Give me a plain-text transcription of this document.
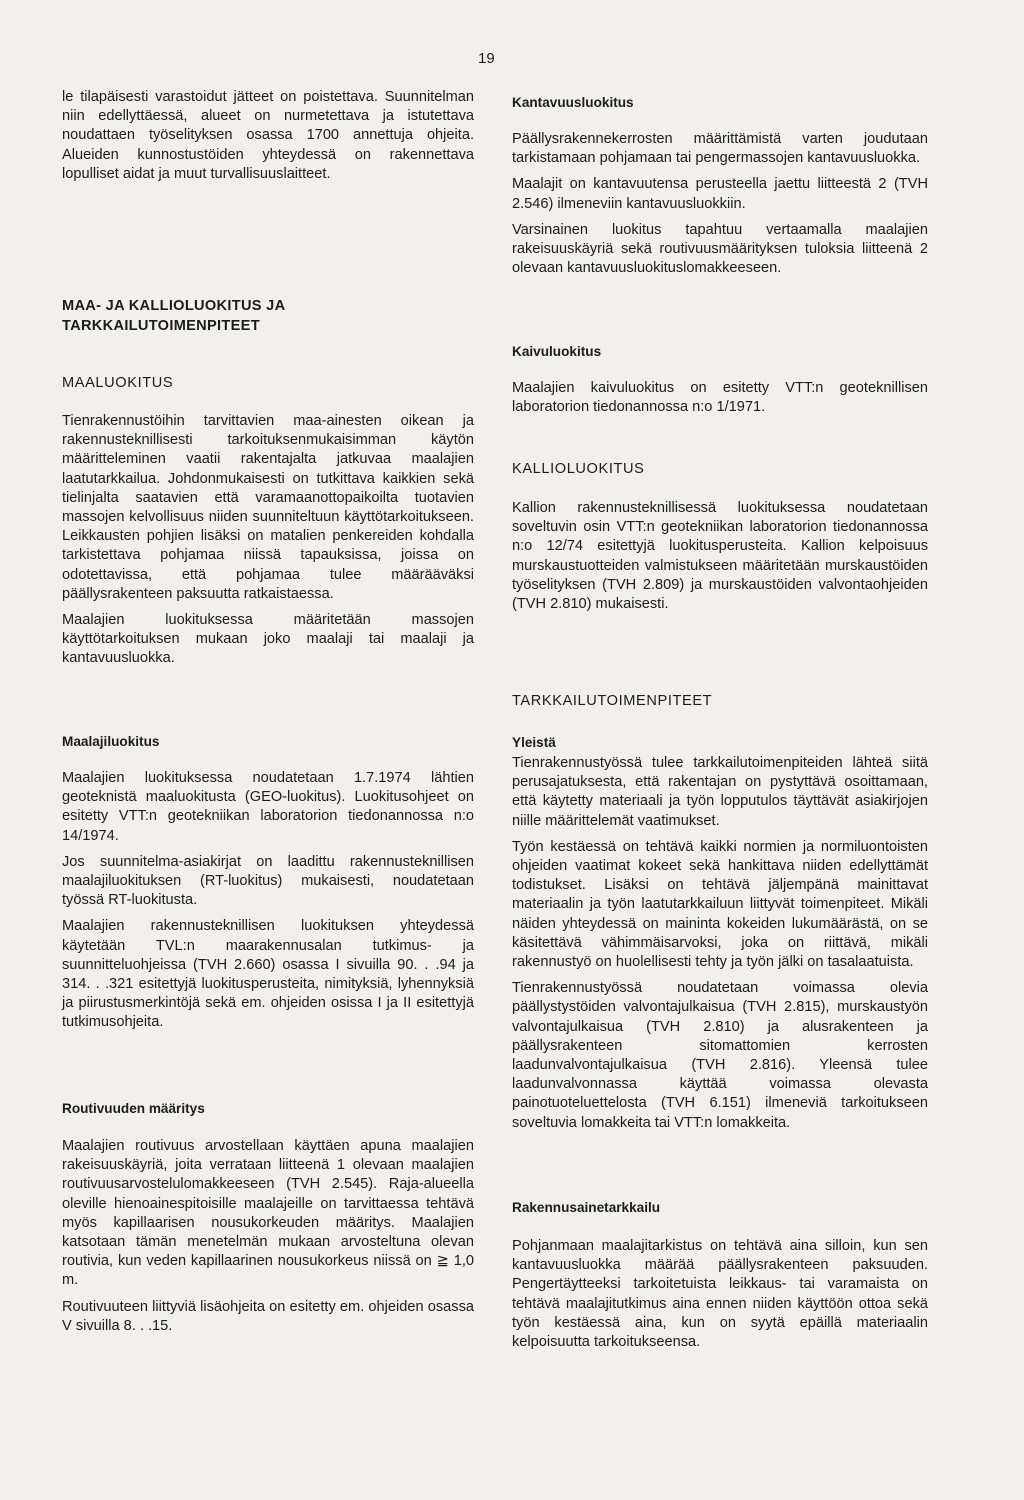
19

le tilapäisesti varastoidut jätteet on poistettava. Suunnitelman niin edellyttäessä, alueet on nurmetettava ja istutettava noudattaen työselityksen osassa 1700 annettuja ohjeita. Alueiden kunnostustöiden yhteydessä on rakennettava lopulliset aidat ja muut turvallisuuslaitteet.

MAA- JA KALLIOLUOKITUS JA
TARKKAILUTOIMENPITEET
MAALUOKITUS

Tienrakennustöihin tarvittavien maa-ainesten oikean ja rakennusteknillisesti tarkoituksenmukaisimman käytön määritteleminen vaatii rakentajalta jatkuvaa maalajien laatutarkkailua. Johdonmukaisesti on tutkittava kaikkien sekä tielinjalta saatavien että varamaanottopaikoilta tuotavien massojen kelvollisuus niiden suunniteltuun käyttötarkoitukseen. Leikkausten pohjien lisäksi on matalien penkereiden kohdalla tarkistettava pohjamaa niissä tapauksissa, joissa on odotettavissa, että pohjamaa tulee määrääväksi päällysrakenteen paksuutta ratkaistaessa.

Maalajien luokituksessa määritetään massojen käyttötarkoituksen mukaan joko maalaji tai maalaji ja kantavuusluokka.

Maalajiluokitus

Maalajien luokituksessa noudatetaan 1.7.1974 lähtien geoteknistä maaluokitusta (GEO-luokitus). Luokitusohjeet on esitetty VTT:n geotekniikan laboratorion tiedonannossa n:o 14/1974.

Jos suunnitelma-asiakirjat on laadittu rakennusteknillisen maalajiluokituksen (RT-luokitus) mukaisesti, noudatetaan työssä RT-luokitusta.

Maalajien rakennusteknillisen luokituksen yhteydessä käytetään TVL:n maarakennusalan tutkimus- ja suunnitteluohjeissa (TVH 2.660) osassa I sivuilla 90. . .94 ja 314. . .321 esitettyjä luokitusperusteita, nimityksiä, lyhennyksiä ja piirustusmerkintöjä sekä em. ohjeiden osissa I ja II esitettyjä tutkimusohjeita.

Routivuuden määritys

Maalajien routivuus arvostellaan käyttäen apuna maalajien rakeisuuskäyriä, joita verrataan liitteenä 1 olevaan maalajien routivuusarvostelulomakkeeseen (TVH 2.545). Raja-alueella oleville hienoainespitoisille maalajeille on tarvittaessa tehtävä myös kapillaarisen nousukorkeuden määritys. Maalajien katsotaan tämän menetelmän mukaan arvosteltuna olevan routivia, kun veden kapillaarinen nousukorkeus niissä on ≧ 1,0 m.

Routivuuteen liittyviä lisäohjeita on esitetty em. ohjeiden osassa V sivuilla 8. . .15.

Kantavuusluokitus

Päällysrakennekerrosten määrittämistä varten joudutaan tarkistamaan pohjamaan tai pengermassojen kantavuusluokka.

Maalajit on kantavuutensa perusteella jaettu liitteestä 2 (TVH 2.546) ilmeneviin kantavuusluokkiin.

Varsinainen luokitus tapahtuu vertaamalla maalajien rakeisuuskäyriä sekä routivuusmäärityksen tuloksia liitteenä 2 olevaan kantavuusluokituslomakkeeseen.

Kaivuluokitus

Maalajien kaivuluokitus on esitetty VTT:n geoteknillisen laboratorion tiedonannossa n:o 1/1971.

KALLIOLUOKITUS

Kallion rakennusteknillisessä luokituksessa noudatetaan soveltuvin osin VTT:n geotekniikan laboratorion tiedonannossa n:o 12/74 esitettyjä luokitusperusteita. Kallion kelpoisuus murskaustuotteiden valmistukseen määritetään murskaustöiden työselityksen (TVH 2.809) ja murskaustöiden valvontaohjeiden (TVH 2.810) mukaisesti.

TARKKAILUTOIMENPITEET
Yleistä

Tienrakennustyössä tulee tarkkailutoimenpiteiden lähteä siitä perusajatuksesta, että rakentajan on pystyttävä osoittamaan, että käytetty materiaali ja työn lopputulos täyttävät asiakirjojen niille määrittelemät vaatimukset.

Työn kestäessä on tehtävä kaikki normien ja normiluontoisten ohjeiden vaatimat kokeet sekä hankittava niiden edellyttämät todistukset. Lisäksi on tehtävä jäljempänä mainittavat materiaalin ja työn laatutarkkailuun liittyvät toimenpiteet. Mikäli näiden yhteydessä on maininta kokeiden lukumäärästä, on se käsitettävä vähimmäisarvoksi, joka on riittävä, mikäli rakennustyö on huolellisesti tehty ja työn jälki on tasalaatuista.

Tienrakennustyössä noudatetaan voimassa olevia päällystystöiden valvontajulkaisua (TVH 2.815), murskaustyön valvontajulkaisua (TVH 2.810) ja alusrakenteen ja päällysrakenteen sitomattomien kerrosten laadunvalvontajulkaisua (TVH 2.816). Yleensä tulee laadunvalvonnassa käyttää voimassa olevasta painotuoteluettelosta (TVH 6.151) ilmeneviä tarkoitukseen soveltuvia lomakkeita tai VTT:n lomakkeita.

Rakennusainetarkkailu

Pohjanmaan maalajitarkistus on tehtävä aina silloin, kun sen kantavuusluokka määrää päällysrakenteen paksuuden. Pengertäytteeksi tarkoitetuista leikkaus- tai varamaista on tehtävä maalajitutkimus aina ennen niiden käyttöön ottoa sekä työn kestäessä aina, kun on syytä epäillä materiaalin kelpoisuutta tarkoitukseensa.
